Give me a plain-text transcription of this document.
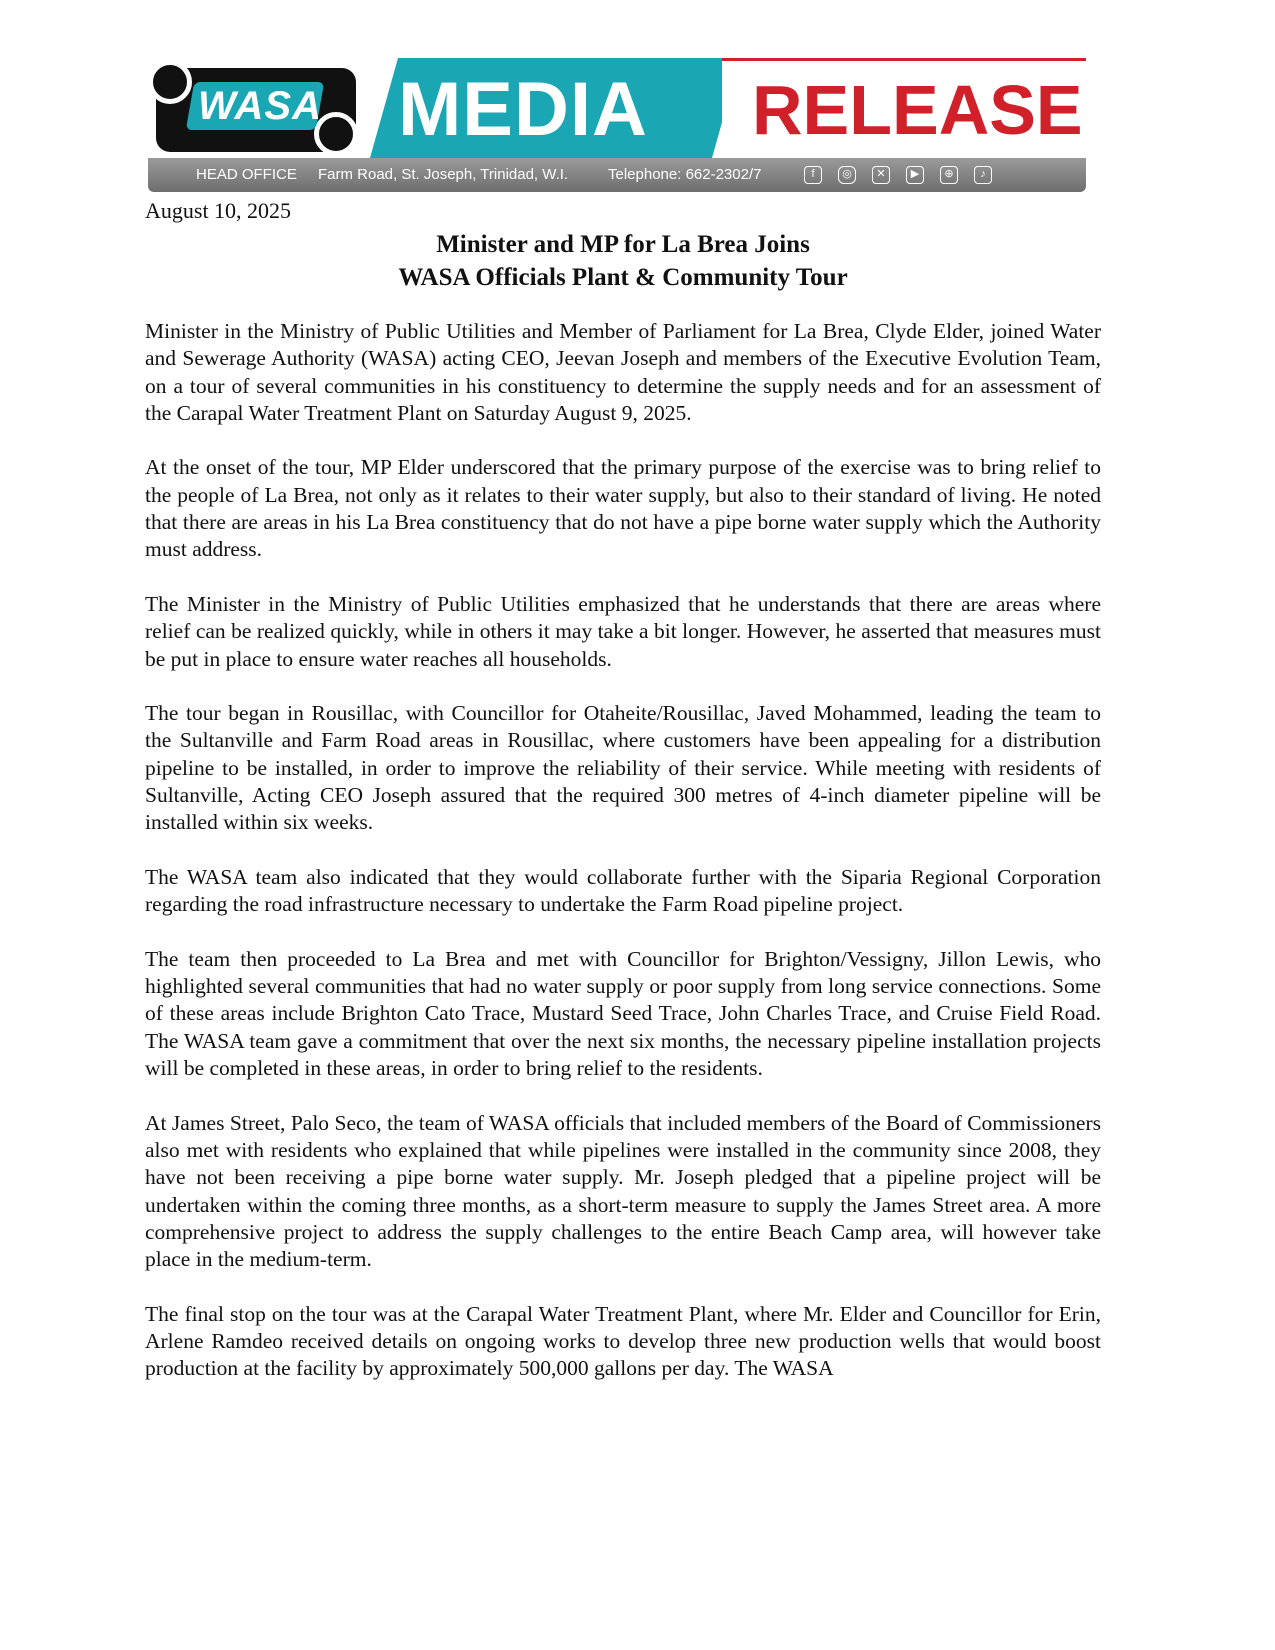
WASA MEDIA	RELEASE
HEAD OFFICE Farm Road, St. Joseph, Trinidad, W.I.	Telephone: 662-2302/7	f	◎	✕	▶	⊕	♪
August 10, 2025
Minister and MP for La Brea Joins
WASA Officials Plant & Community Tour

Minister in the Ministry of Public Utilities and Member of Parliament for La Brea, Clyde Elder, joined Water and Sewerage Authority (WASA) acting CEO, Jeevan Joseph and members of the Executive Evolution Team, on a tour of several communities in his constituency to determine the supply needs and for an assessment of the Carapal Water Treatment Plant on Saturday August 9, 2025.

At the onset of the tour, MP Elder underscored that the primary purpose of the exercise was to bring relief to the people of La Brea, not only as it relates to their water supply, but also to their standard of living. He noted that there are areas in his La Brea constituency that do not have a pipe borne water supply which the Authority must address.

The Minister in the Ministry of Public Utilities emphasized that he understands that there are areas where relief can be realized quickly, while in others it may take a bit longer. However, he asserted that measures must be put in place to ensure water reaches all households.

The tour began in Rousillac, with Councillor for Otaheite/Rousillac, Javed Mohammed, leading the team to the Sultanville and Farm Road areas in Rousillac, where customers have been appealing for a distribution pipeline to be installed, in order to improve the reliability of their service. While meeting with residents of Sultanville, Acting CEO Joseph assured that the required 300 metres of 4-inch diameter pipeline will be installed within six weeks.

The WASA team also indicated that they would collaborate further with the Siparia Regional Corporation regarding the road infrastructure necessary to undertake the Farm Road pipeline project.

The team then proceeded to La Brea and met with Councillor for Brighton/Vessigny, Jillon Lewis, who highlighted several communities that had no water supply or poor supply from long service connections. Some of these areas include Brighton Cato Trace, Mustard Seed Trace, John Charles Trace, and Cruise Field Road. The WASA team gave a commitment that over the next six months, the necessary pipeline installation projects will be completed in these areas, in order to bring relief to the residents.

At James Street, Palo Seco, the team of WASA officials that included members of the Board of Commissioners also met with residents who explained that while pipelines were installed in the community since 2008, they have not been receiving a pipe borne water supply. Mr. Joseph pledged that a pipeline project will be undertaken within the coming three months, as a short-term measure to supply the James Street area. A more comprehensive project to address the supply challenges to the entire Beach Camp area, will however take place in the medium-term.

The final stop on the tour was at the Carapal Water Treatment Plant, where Mr. Elder and Councillor for Erin, Arlene Ramdeo received details on ongoing works to develop three new production wells that would boost production at the facility by approximately 500,000 gallons per day. The WASA
